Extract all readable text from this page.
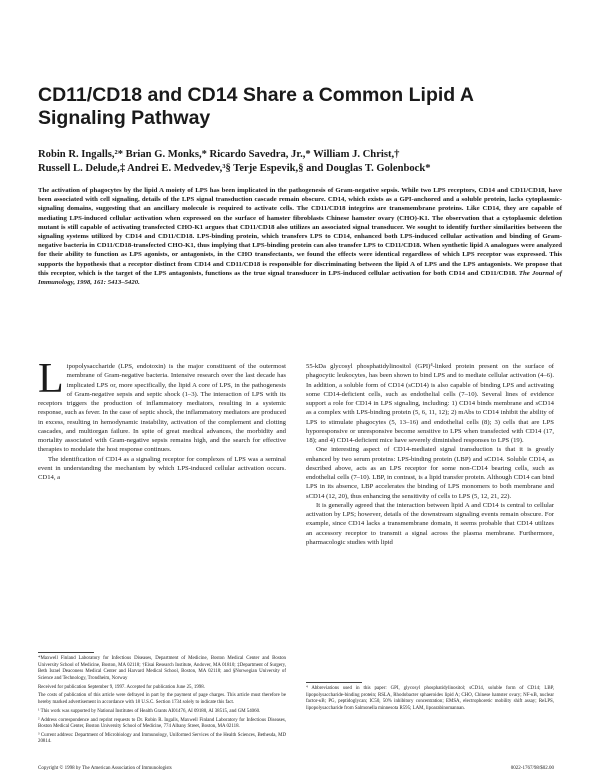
CD11/CD18 and CD14 Share a Common Lipid A Signaling Pathway
Robin R. Ingalls,²* Brian G. Monks,* Ricardo Savedra, Jr.,* William J. Christ,†
Russell L. Delude,‡ Andrei E. Medvedev,³§ Terje Espevik,§ and Douglas T. Golenbock*
The activation of phagocytes by the lipid A moiety of LPS has been implicated in the pathogenesis of Gram-negative sepsis. While two LPS receptors, CD14 and CD11/CD18, have been associated with cell signaling, details of the LPS signal transduction cascade remain obscure. CD14, which exists as a GPI-anchored and a soluble protein, lacks cytoplasmic-signaling domains, suggesting that an ancillary molecule is required to activate cells. The CD11/CD18 integrins are transmembrane proteins. Like CD14, they are capable of mediating LPS-induced cellular activation when expressed on the surface of hamster fibroblasts Chinese hamster ovary (CHO)-K1. The observation that a cytoplasmic deletion mutant is still capable of activating transfected CHO-K1 argues that CD11/CD18 also utilizes an associated signal transducer. We sought to identify further similarities between the signaling systems utilized by CD14 and CD11/CD18. LPS-binding protein, which transfers LPS to CD14, enhanced both LPS-induced cellular activation and binding of Gram-negative bacteria in CD11/CD18-transfected CHO-K1, thus implying that LPS-binding protein can also transfer LPS to CD11/CD18. When synthetic lipid A analogues were analyzed for their ability to function as LPS agonists, or antagonists, in the CHO transfectants, we found the effects were identical regardless of which LPS receptor was expressed. This supports the hypothesis that a receptor distinct from CD14 and CD11/CD18 is responsible for discriminating between the lipid A of LPS and the LPS antagonists. We propose that this receptor, which is the target of the LPS antagonists, functions as the true signal transducer in LPS-induced cellular activation for both CD14 and CD11/CD18. The Journal of Immunology, 1998, 161: 5413–5420.

Lipopolysaccharide (LPS, endotoxin) is the major constituent of the outermost membrane of Gram-negative bacteria. Intensive research over the last decade has implicated LPS or, more specifically, the lipid A core of LPS, in the pathogenesis of Gram-negative sepsis and septic shock (1–3). The interaction of LPS with its receptors triggers the production of inflammatory mediators, resulting in a systemic response, such as fever. In the case of septic shock, the inflammatory mediators are produced in excess, resulting in hemodynamic instability, activation of the complement and clotting cascades, and multiorgan failure. In spite of great medical advances, the morbidity and mortality associated with Gram-negative sepsis remains high, and the search for effective therapies to modulate the host response continues.

The identification of CD14 as a signaling receptor for complexes of LPS was a seminal event in understanding the mechanism by which LPS-induced cellular activation occurs. CD14, a

55-kDa glycosyl phosphatidylinositol (GPI)⁴-linked protein present on the surface of phagocytic leukocytes, has been shown to bind LPS and to mediate cellular activation (4–6). In addition, a soluble form of CD14 (sCD14) is also capable of binding LPS and activating some CD14-deficient cells, such as endothelial cells (7–10). Several lines of evidence support a role for CD14 in LPS signaling, including: 1) CD14 binds membrane and sCD14 as a complex with LPS-binding protein (5, 6, 11, 12); 2) mAbs to CD14 inhibit the ability of LPS to stimulate phagocytes (5, 13–16) and endothelial cells (8); 3) cells that are LPS hyporesponsive or unresponsive become sensitive to LPS when transfected with CD14 (17, 18); and 4) CD14-deficient mice have severely diminished responses to LPS (19).

One interesting aspect of CD14-mediated signal transduction is that it is greatly enhanced by two serum proteins: LPS-binding protein (LBP) and sCD14. Soluble CD14, as described above, acts as an LPS receptor for some non-CD14 bearing cells, such as endothelial cells (7–10). LBP, in contrast, is a lipid transfer protein. Although CD14 can bind LPS in its absence, LBP accelerates the binding of LPS monomers to both membrane and sCD14 (12, 20), thus enhancing the sensitivity of cells to LPS (5, 12, 21, 22).

It is generally agreed that the interaction between lipid A and CD14 is central to cellular activation by LPS; however, details of the downstream signaling events remain obscure. For example, since CD14 lacks a transmembrane domain, it seems probable that CD14 utilizes an accessory receptor to transmit a signal across the plasma membrane. Furthermore, pharmacologic studies with lipid

*Maxwell Finland Laboratory for Infectious Diseases, Department of Medicine, Boston Medical Center and Boston University School of Medicine, Boston, MA 02118; †Eisai Research Institute, Andover, MA 01810; ‡Department of Surgery, Beth Israel Deaconess Medical Center and Harvard Medical School, Boston, MA 02118; and §Norwegian University of Science and Technology, Trondheim, Norway

Received for publication September 9, 1997. Accepted for publication June 25, 1998.

The costs of publication of this article were defrayed in part by the payment of page charges. This article must therefore be hereby marked advertisement in accordance with 18 U.S.C. Section 1734 solely to indicate this fact.

¹ This work was supported by National Institutes of Health Grants AI01476, AI 09180, AI 38515, and GM 54060.

² Address correspondence and reprint requests to Dr. Robin R. Ingalls, Maxwell Finland Laboratory for Infectious Diseases, Boston Medical Center, Boston University School of Medicine, 774 Albany Street, Boston, MA 02118.

³ Current address: Department of Microbiology and Immunology, Uniformed Services of the Health Sciences, Bethesda, MD 20814.

⁴ Abbreviations used in this paper: GPI, glycosyl phosphatidylinositol; sCD14, soluble form of CD14; LBP, lipopolysaccharide-binding protein; RSLA, Rhodobacter sphaeroides lipid A; CHO, Chinese hamster ovary; NF-κB, nuclear factor-κB; PG, peptidoglycan; IC50, 50% inhibitory concentration; EMSA, electrophoretic mobility shift assay; ReLPS, lipopolysaccharide from Salmonella minnesota R595; LAM, lipoarabinomannan.

Copyright © 1998 by The American Association of Immunologists	0022-1767/98/$02.00
